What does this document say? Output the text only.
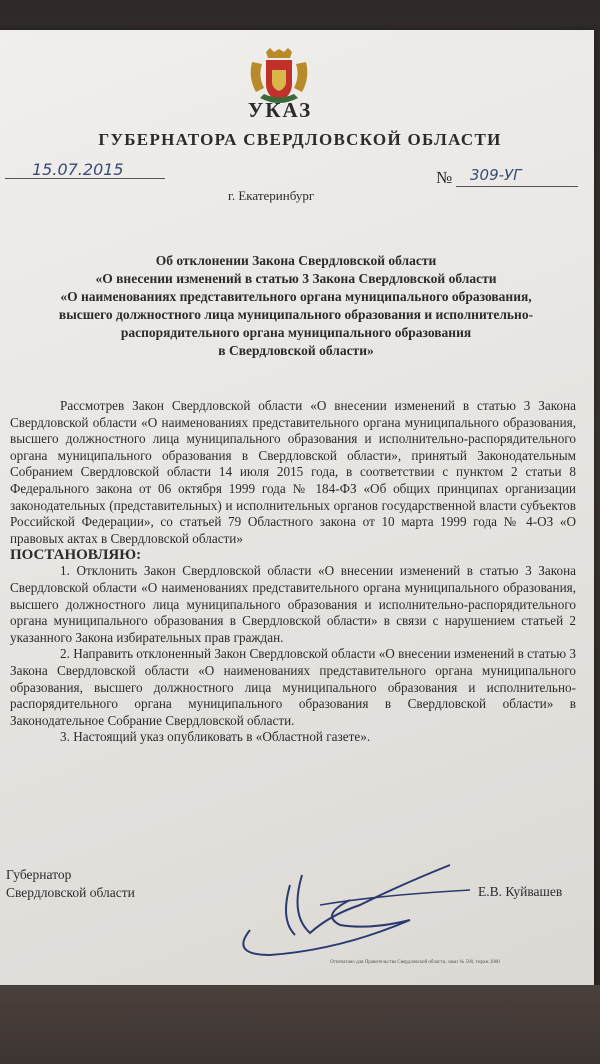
УКАЗ
ГУБЕРНАТОРА СВЕРДЛОВСКОЙ ОБЛАСТИ
15.07.2015	№ 309-УГ
г. Екатеринбург
Об отклонении Закона Свердловской области
«О внесении изменений в статью 3 Закона Свердловской области
«О наименованиях представительного органа муниципального образования,
высшего должностного лица муниципального образования и исполнительно-
распорядительного органа муниципального образования
в Свердловской области»

Рассмотрев Закон Свердловской области «О внесении изменений в статью 3 Закона Свердловской области «О наименованиях представительного органа муниципального образования, высшего должностного лица муниципального образования и исполнительно-распорядительного органа муниципального образования в Свердловской области», принятый Законодательным Собранием Свердловской области 14 июля 2015 года, в соответствии с пунктом 2 статьи 8 Федерального закона от 06 октября 1999 года № 184-ФЗ «Об общих принципах организации законодательных (представительных) и исполнительных органов государственной власти субъектов Российской Федерации», со статьей 79 Областного закона от 10 марта 1999 года № 4-ОЗ «О правовых актах в Свердловской области»

ПОСТАНОВЛЯЮ:

1. Отклонить Закон Свердловской области «О внесении изменений в статью 3 Закона Свердловской области «О наименованиях представительного органа муниципального образования, высшего должностного лица муниципального образования и исполнительно-распорядительного органа муниципального образования в Свердловской области» в связи с нарушением статьей 2 указанного Закона избирательных прав граждан.

2. Направить отклоненный Закон Свердловской области «О внесении изменений в статью 3 Закона Свердловской области «О наименованиях представительного органа муниципального образования, высшего должностного лица муниципального образования и исполнительно-распорядительного органа муниципального образования в Свердловской области» в Законодательное Собрание Свердловской области.

3. Настоящий указ опубликовать в «Областной газете».

Губернатор
Свердловской области	Е.В. Куйвашев
Отпечатано для Правительства Свердловской области, заказ № 500, тираж 3000
